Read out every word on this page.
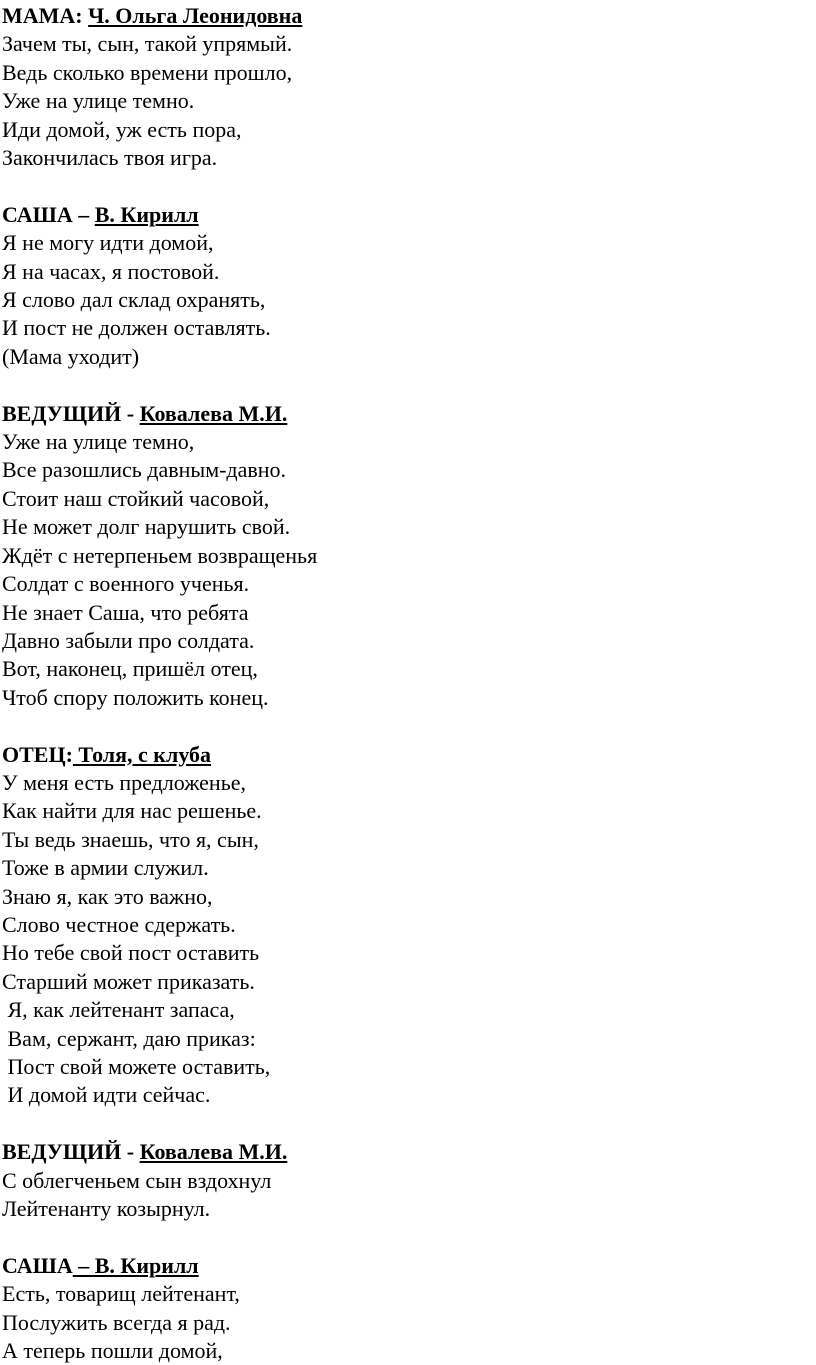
МАМА: Ч. Ольга Леонидовна
Зачем ты, сын, такой упрямый.
Ведь сколько времени прошло,
Уже на улице темно.
Иди домой, уж есть пора,
Закончилась твоя игра.
САША – В. Кирилл
Я не могу идти домой,
Я на часах, я постовой.
Я слово дал склад охранять,
И пост не должен оставлять.
(Мама уходит)
ВЕДУЩИЙ - Ковалева М.И.
Уже на улице темно,
Все разошлись давным-давно.
Стоит наш стойкий часовой,
Не может долг нарушить свой.
Ждёт с нетерпеньем возвращенья
Солдат с военного ученья.
Не знает Саша, что ребята
Давно забыли про солдата.
Вот, наконец, пришёл отец,
Чтоб спору положить конец.
ОТЕЦ: Толя, с клуба
У меня есть предложенье,
Как найти для нас решенье.
Ты ведь знаешь, что я, сын,
Тоже в армии служил.
Знаю я, как это важно,
Слово честное сдержать.
Но тебе свой пост оставить
Старший может приказать.
Я, как лейтенант запаса,
Вам, сержант, даю приказ:
Пост свой можете оставить,
И домой идти сейчас.
ВЕДУЩИЙ - Ковалева М.И.
С облегченьем сын вздохнул
Лейтенанту козырнул.
САША – В. Кирилл
Есть, товарищ лейтенант,
Послужить всегда я рад.
А теперь пошли домой,
